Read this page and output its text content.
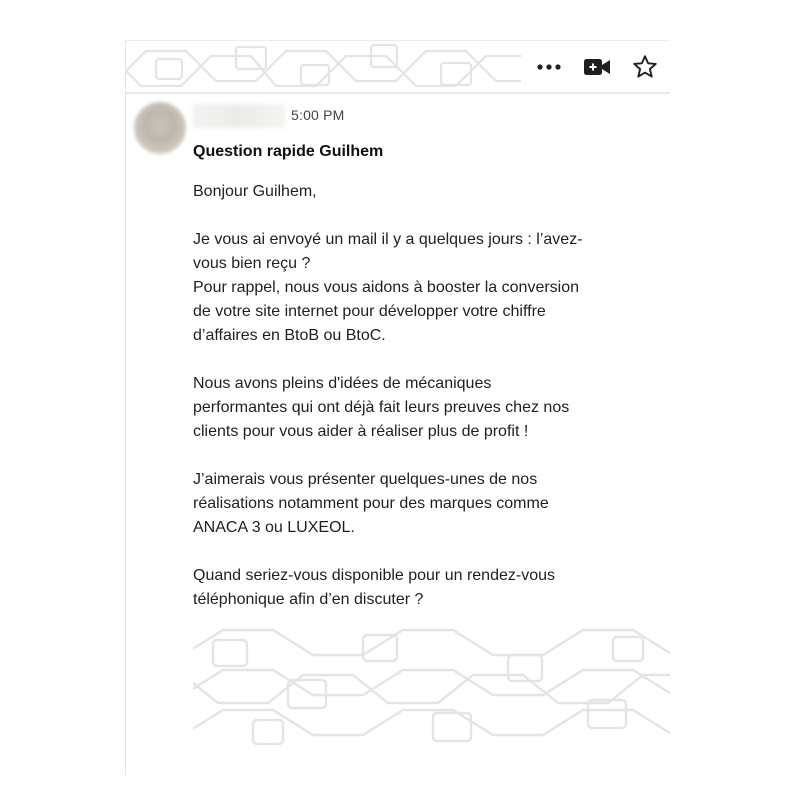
5:00 PM
Question rapide Guilhem

Bonjour Guilhem,

Je vous ai envoyé un mail il y a quelques jours : l’avez-
vous bien reçu ?
Pour rappel, nous vous aidons à booster la conversion
de votre site internet pour développer votre chiffre
d’affaires en BtoB ou BtoC.

Nous avons pleins d'idées de mécaniques
performantes qui ont déjà fait leurs preuves chez nos
clients pour vous aider à réaliser plus de profit !

J’aimerais vous présenter quelques-unes de nos
réalisations notamment pour des marques comme
ANACA 3 ou LUXEOL.

Quand seriez-vous disponible pour un rendez-vous
téléphonique afin d’en discuter ?
